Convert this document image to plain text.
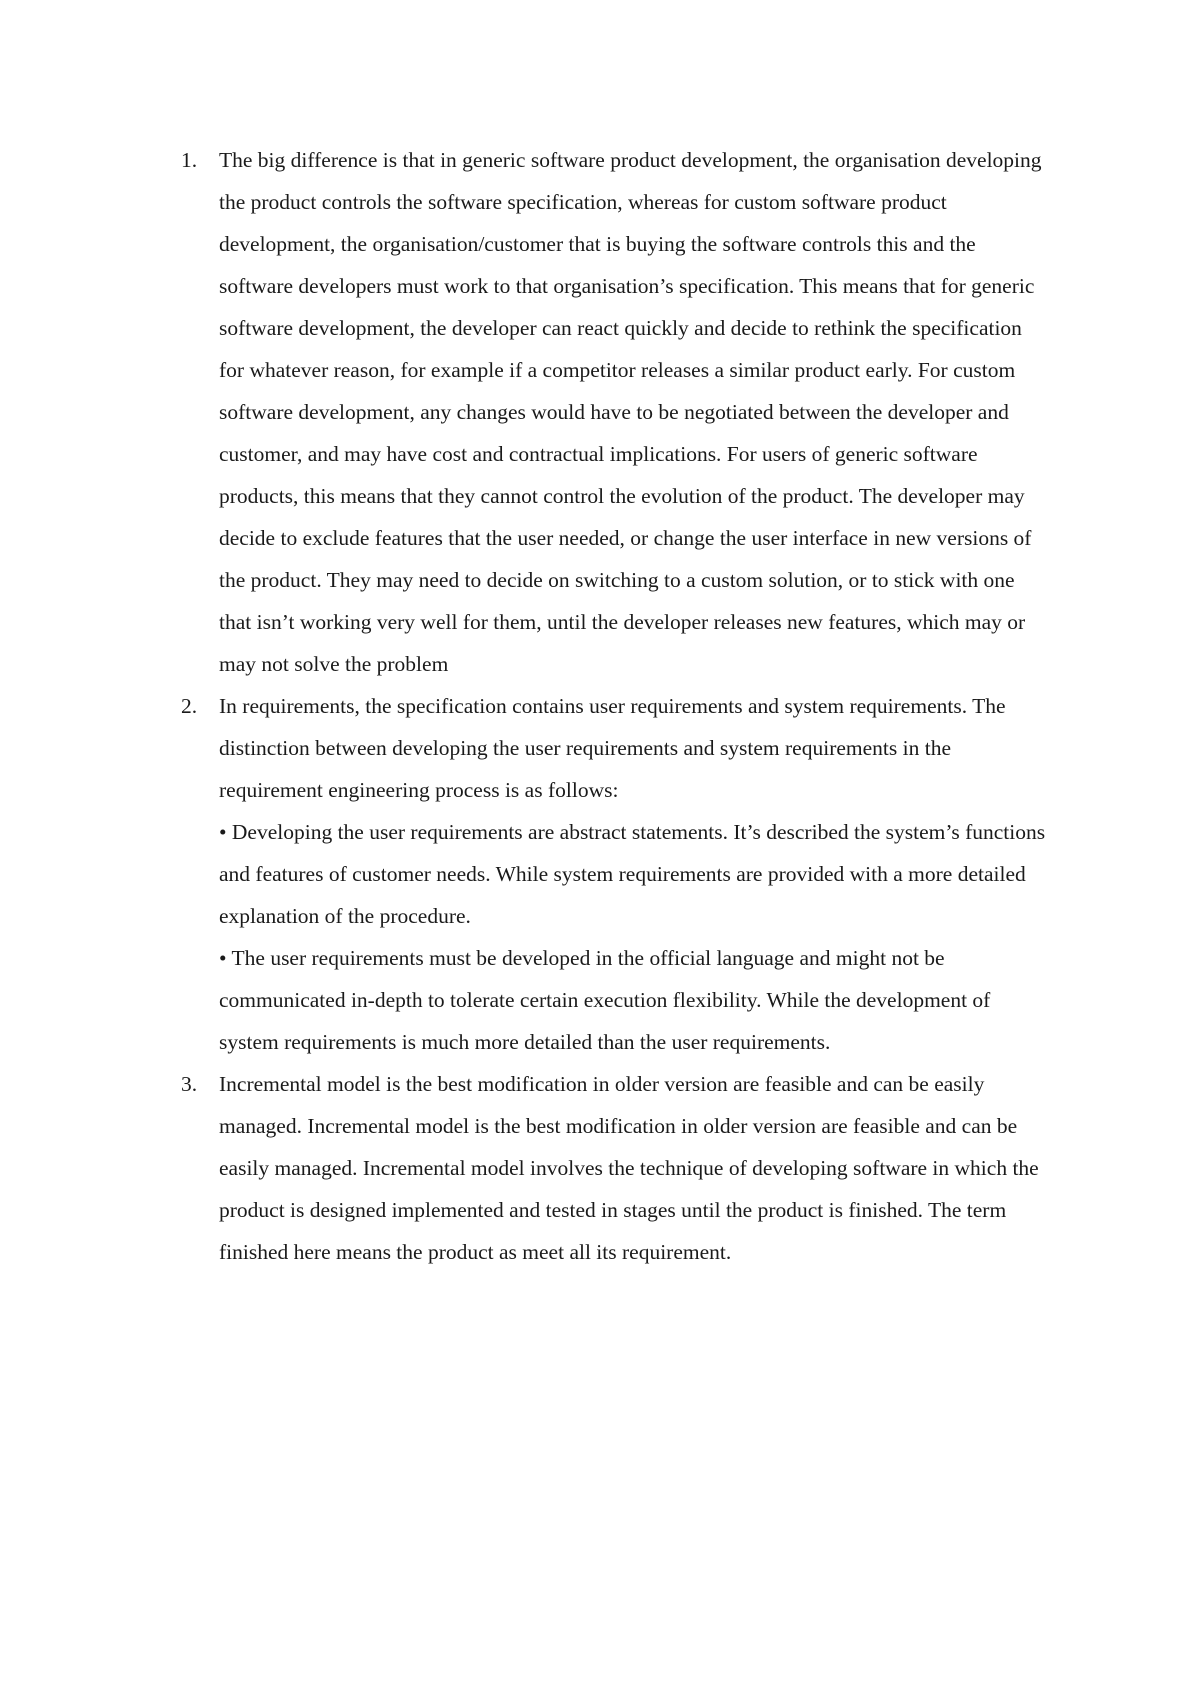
1. The big difference is that in generic software product development, the organisation developing the product controls the software specification, whereas for custom software product development, the organisation/customer that is buying the software controls this and the software developers must work to that organisation’s specification. This means that for generic software development, the developer can react quickly and decide to rethink the specification for whatever reason, for example if a competitor releases a similar product early. For custom software development, any changes would have to be negotiated between the developer and customer, and may have cost and contractual implications. For users of generic software products, this means that they cannot control the evolution of the product. The developer may decide to exclude features that the user needed, or change the user interface in new versions of the product. They may need to decide on switching to a custom solution, or to stick with one that isn’t working very well for them, until the developer releases new features, which may or may not solve the problem

2. In requirements, the specification contains user requirements and system requirements. The distinction between developing the user requirements and system requirements in the requirement engineering process is as follows:

• Developing the user requirements are abstract statements. It’s described the system’s functions and features of customer needs. While system requirements are provided with a more detailed explanation of the procedure.

• The user requirements must be developed in the official language and might not be communicated in-depth to tolerate certain execution flexibility. While the development of system requirements is much more detailed than the user requirements.

3. Incremental model is the best modification in older version are feasible and can be easily managed. Incremental model is the best modification in older version are feasible and can be easily managed. Incremental model involves the technique of developing software in which the product is designed implemented and tested in stages until the product is finished. The term finished here means the product as meet all its requirement.
